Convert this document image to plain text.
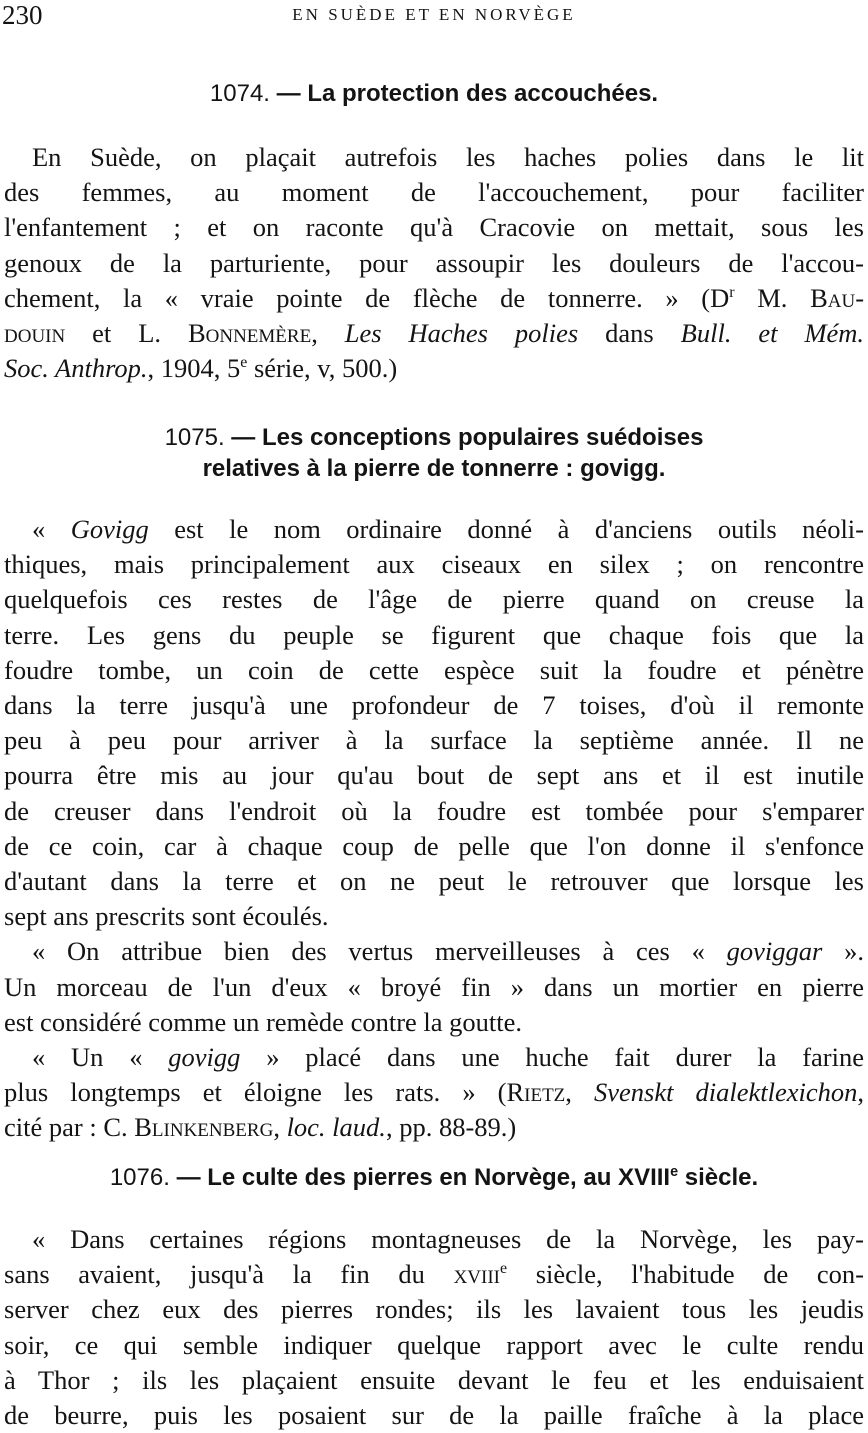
230	EN SUÈDE ET EN NORVÈGE
1074. — La protection des accouchées.
En Suède, on plaçait autrefois les haches polies dans le lit
des femmes, au moment de l'accouchement, pour faciliter
l'enfantement ; et on raconte qu'à Cracovie on mettait, sous les
genoux de la parturiente, pour assoupir les douleurs de l'accou-
chement, la « vraie pointe de flèche de tonnerre. » ($D^r$ M. Bau-
douin et L. Bonnemère, Les Haches polies dans Bull. et Mém.
Soc. Anthrop., 1904, 5e série, v, 500.)
1075. — Les conceptions populaires suédoises
relatives à la pierre de tonnerre : govigg.
« Govigg est le nom ordinaire donné à d'anciens outils néoli-
thiques, mais principalement aux ciseaux en silex ; on rencontre
quelquefois ces restes de l'âge de pierre quand on creuse la
terre. Les gens du peuple se figurent que chaque fois que la
foudre tombe, un coin de cette espèce suit la foudre et pénètre
dans la terre jusqu'à une profondeur de 7 toises, d'où il remonte
peu à peu pour arriver à la surface la septième année. Il ne
pourra être mis au jour qu'au bout de sept ans et il est inutile
de creuser dans l'endroit où la foudre est tombée pour s'emparer
de ce coin, car à chaque coup de pelle que l'on donne il s'enfonce
d'autant dans la terre et on ne peut le retrouver que lorsque les
sept ans prescrits sont écoulés.
« On attribue bien des vertus merveilleuses à ces « goviggar ».
Un morceau de l'un d'eux « broyé fin » dans un mortier en pierre
est considéré comme un remède contre la goutte.
« Un « govigg » placé dans une huche fait durer la farine
plus longtemps et éloigne les rats. » (Rietz, Svenskt dialektlexichon,
cité par : C. Blinkenberg, loc. laud., pp. 88-89.)
1076. — Le culte des pierres en Norvège, au XVIIIe siècle.
« Dans certaines régions montagneuses de la Norvège, les pay-
sans avaient, jusqu'à la fin du xviii$^e$ siècle, l'habitude de con-
server chez eux des pierres rondes; ils les lavaient tous les jeudis
soir, ce qui semble indiquer quelque rapport avec le culte rendu
à Thor ; ils les plaçaient ensuite devant le feu et les enduisaient
de beurre, puis les posaient sur de la paille fraîche à la place
